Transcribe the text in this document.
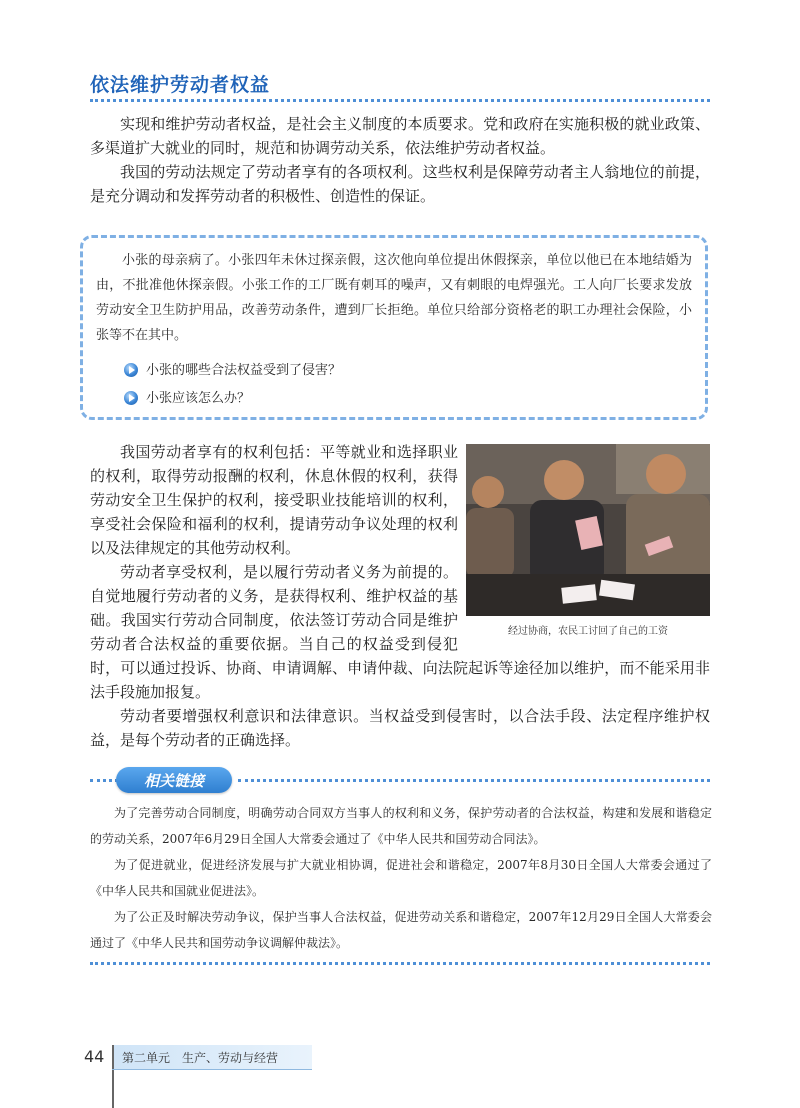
依法维护劳动者权益

实现和维护劳动者权益，是社会主义制度的本质要求。党和政府在实施积极的就业政策、多渠道扩大就业的同时，规范和协调劳动关系，依法维护劳动者权益。

我国的劳动法规定了劳动者享有的各项权利。这些权利是保障劳动者主人翁地位的前提，是充分调动和发挥劳动者的积极性、创造性的保证。

小张的母亲病了。小张四年未休过探亲假，这次他向单位提出休假探亲，单位以他已在本地结婚为由，不批准他休探亲假。小张工作的工厂既有刺耳的噪声，又有刺眼的电焊强光。工人向厂长要求发放劳动安全卫生防护用品，改善劳动条件，遭到厂长拒绝。单位只给部分资格老的职工办理社会保险，小张等不在其中。

小张的哪些合法权益受到了侵害？
小张应该怎么办？

我国劳动者享有的权利包括：平等就业和选择职业的权利，取得劳动报酬的权利，休息休假的权利，获得劳动安全卫生保护的权利，接受职业技能培训的权利，享受社会保险和福利的权利，提请劳动争议处理的权利以及法律规定的其他劳动权利。

劳动者享受权利，是以履行劳动者义务为前提的。自觉地履行劳动者的义务，是获得权利、维护权益的基础。我国实行劳动合同制度，依法签订劳动合同是维护劳动者合法权益的重要依据。当自己的权益受到侵犯时，可以通过投诉、协商、申请调解、申请仲裁、向法院起诉等途径加以维护，而不能采用非法手段施加报复。

劳动者要增强权利意识和法律意识。当权益受到侵害时，以合法手段、法定程序维护权益，是每个劳动者的正确选择。

经过协商，农民工讨回了自己的工资
相关链接

为了完善劳动合同制度，明确劳动合同双方当事人的权利和义务，保护劳动者的合法权益，构建和发展和谐稳定的劳动关系，2007年6月29日全国人大常委会通过了《中华人民共和国劳动合同法》。

为了促进就业，促进经济发展与扩大就业相协调，促进社会和谐稳定，2007年8月30日全国人大常委会通过了《中华人民共和国就业促进法》。

为了公正及时解决劳动争议，保护当事人合法权益，促进劳动关系和谐稳定，2007年12月29日全国人大常委会通过了《中华人民共和国劳动争议调解仲裁法》。

44	第二单元　生产、劳动与经营
